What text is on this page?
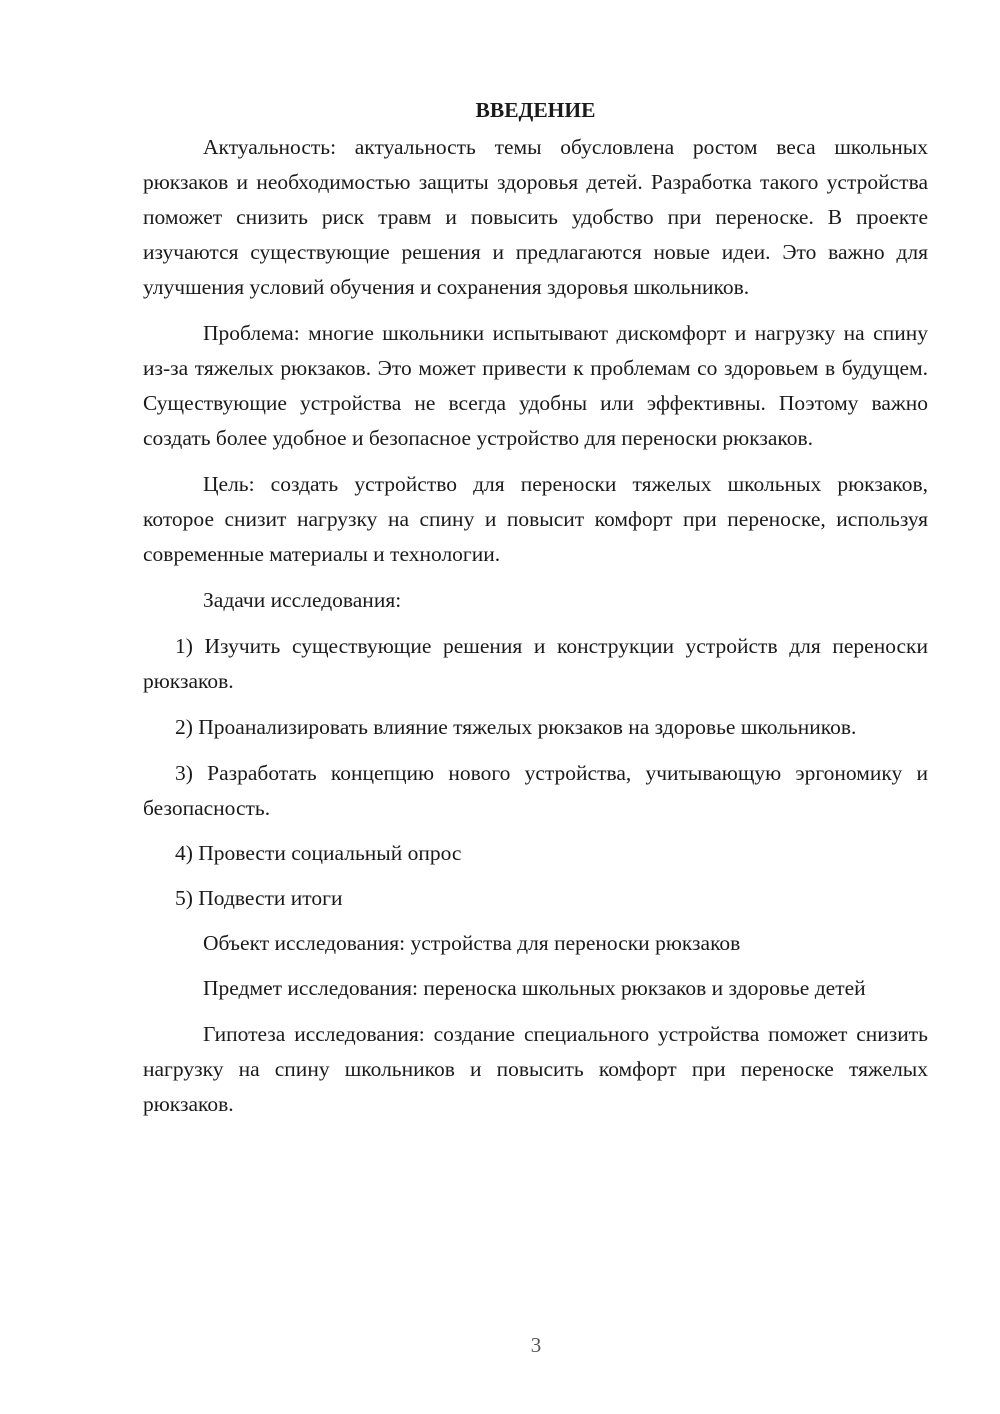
ВВЕДЕНИЕ

Актуальность: актуальность темы обусловлена ростом веса школьных рюкзаков и необходимостью защиты здоровья детей. Разработка такого устройства поможет снизить риск травм и повысить удобство при переноске. В проекте изучаются существующие решения и предлагаются новые идеи. Это важно для улучшения условий обучения и сохранения здоровья школьников.

Проблема: многие школьники испытывают дискомфорт и нагрузку на спину из-за тяжелых рюкзаков. Это может привести к проблемам со здоровьем в будущем. Существующие устройства не всегда удобны или эффективны. Поэтому важно создать более удобное и безопасное устройство для переноски рюкзаков.

Цель: создать устройство для переноски тяжелых школьных рюкзаков, которое снизит нагрузку на спину и повысит комфорт при переноске, используя современные материалы и технологии.

Задачи исследования:

1) Изучить существующие решения и конструкции устройств для переноски рюкзаков.

2) Проанализировать влияние тяжелых рюкзаков на здоровье школьников.

3) Разработать концепцию нового устройства, учитывающую эргономику и безопасность.

4) Провести социальный опрос

5) Подвести итоги

Объект исследования: устройства для переноски рюкзаков

Предмет исследования: переноска школьных рюкзаков и здоровье детей

Гипотеза исследования: создание специального устройства поможет снизить нагрузку на спину школьников и повысить комфорт при переноске тяжелых рюкзаков.

3
